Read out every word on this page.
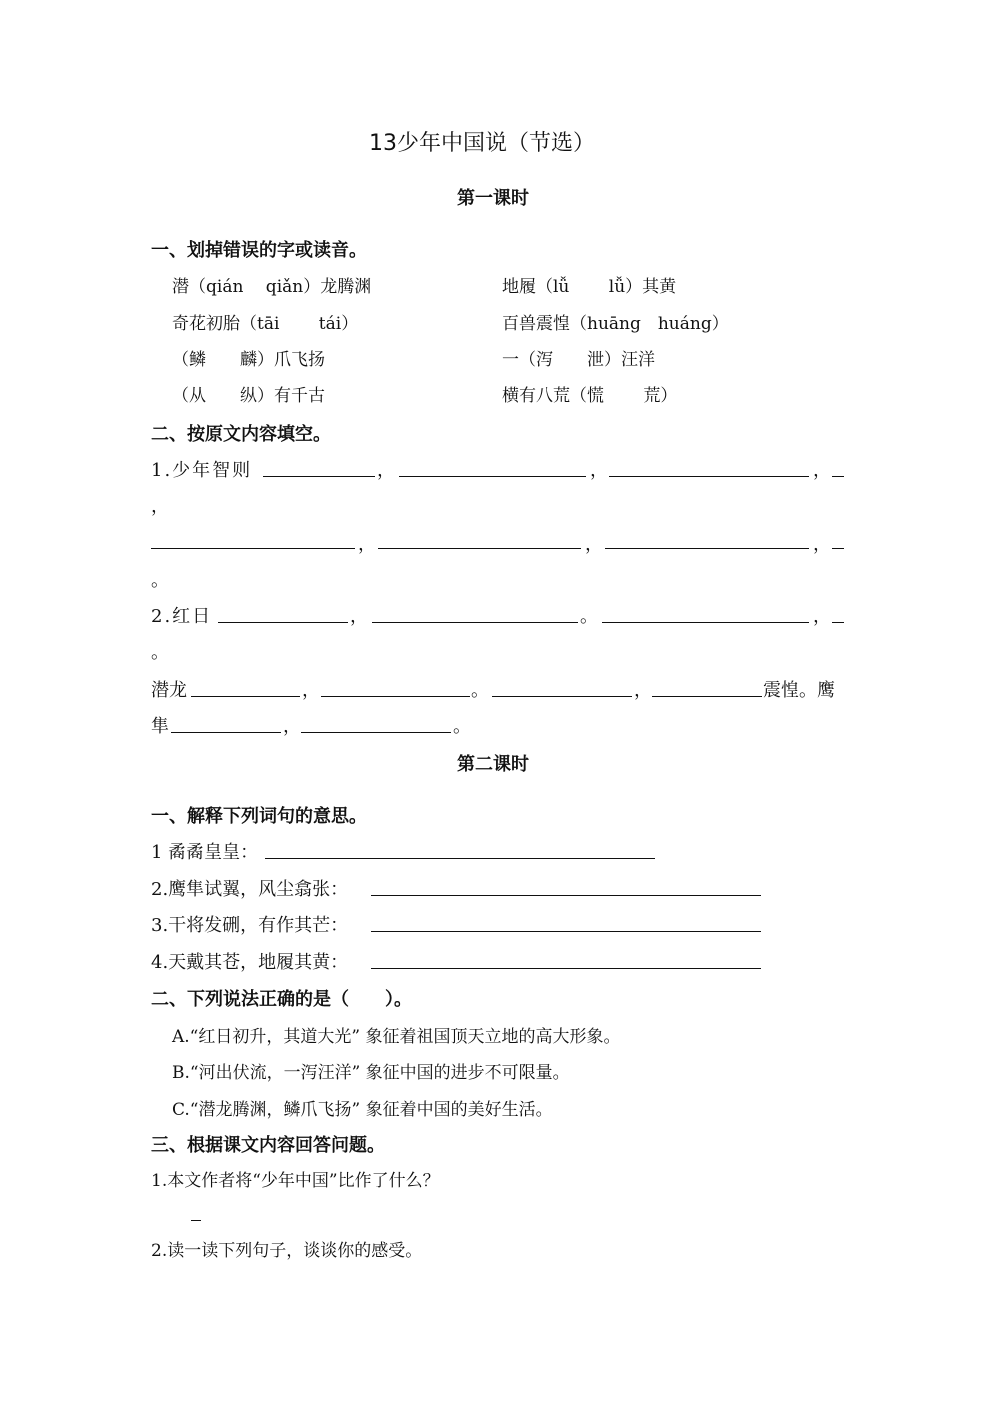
13少年中国说（节选）
第一课时
一、划掉错误的字或读音。
潜（qián　 qiǎn）龙腾渊	地履（lǚ　　 lǚ）其黄
奇花初胎（tāi　　 tái）	百兽震惶（huāng　huáng）
（鳞　　麟）爪飞扬	一（泻　　泄）汪洋
（从　　纵）有千古	横有八荒（慌　　 荒）
二、按原文内容填空。
1.少年智则	，	，	，
，
，	，	，
。
2.红日	，	。	，
。
潜龙	，	。	，	震惶。鹰
隼	，	。
第二课时
一、解释下列词句的意思。
1 矞矞皇皇：
2.鹰隼试翼，风尘翕张：
3.干将发硎，有作其芒：
4.天戴其苍，地履其黄：
二、下列说法正确的是（　　）。
A.“红日初升，其道大光” 象征着祖国顶天立地的高大形象。
B.“河出伏流，一泻汪洋” 象征中国的进步不可限量。
C.“潜龙腾渊，鳞爪飞扬” 象征着中国的美好生活。
三、根据课文内容回答问题。
1.本文作者将“少年中国”比作了什么？
2.读一读下列句子，谈谈你的感受。
